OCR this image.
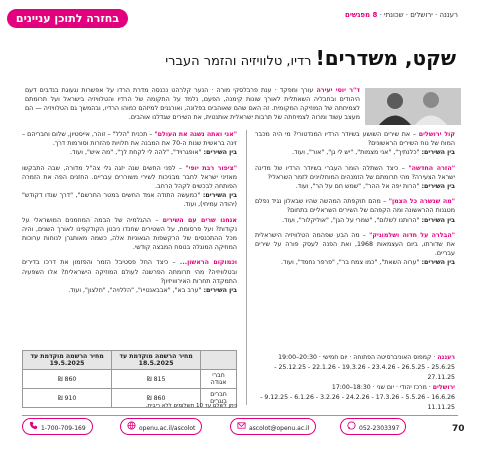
בחזרה לתוכן עניינים	רעננה · ירושלים · שכונתי · 8 מפגשים
שקט, משדרים! רדיו, טלוויזיה והזמר העברי
ד"ר יוסי יעירה עורך ומפקד · ענת פרבלסקי מורה · הנער קלרהט נכנסה מדרת הרדו על אפשרות וגעוגת בנדבים דעם היהודים ובחבליה השאתלית לאורך שונות קימנה, הפעם, נלמד על התקומה של הרדיו והטלוויזיה בישראל ועל תרומתם לצמיחתה של המוזיקה המקומית. זה האם שהם שאוהבים בפלונה, ואורגנים למיזהם כמוהו הרדיו, ובהמשך גם הטלוויזיה — הם מעצב עשוד ומרוה לצמיחתה של תרבות ישראלית אותנטית, את השירים שגדלנו אוהבים.

קול ירושלים – את שירים השושע בשיודר הרדיו המנדטורי? מי היה מכבר המוח של נוח השירים הראשונים?
בין השירים: "כלנתיך", "אני מצמות", "יש לי גן", "אור", ועוד.

"הזרה החדשה" – כיצד השתלה הומר העברי בשיודר הרדיו של מדינה ישראל הצעירה? מהי תרומתם של הזמנהים המוחלוינים לזמר השראלי?
בין השירים: "הרות יפה אל ההר", "שמש חם על הר", ועוד.

"מה שנשרה כל הצמן" – מהם תוקפתה המהשה שהיו שבאלון נגיד נפלם מטגנות ההראשונה ומה הקפהם של השירים השראליים בתחום?
בין השירים: "הרותנו לשלום", "שמרי על הגן", "אוליקלור", ועוד.

"הבלרה על חדוה ושלמוניק" – מה הבע שפהמה הטלוויזיה הישראלית את שדורתו, ביום העצמאות 1968, ואת הפנה לעסק פורה על שירים עבריים.
בין השירים: "ערוה השאת", "כמו צמח בר", "פרפר נחמד", ועוד.

"אני ואתה נשנה את העולם" – תכנית "הלל" – זוהר, אייסטיון, שלום וחבריהם – זינה בראשית שנות ה-70 את המבנה את תלויות פהזרות וסורמות דרך.
בין השירים: "אופגרויד", "להה לי לקחת לך", "מה איש", ועוד.

"ציפור רבת יופי" – לפני החשים שנה יזגה גלי צה"ל מדורה, שבה התבקשו מאזיני ישראל לחבר מבניכות לשירי משוררים עבריים. החזנים הפה את הזמרה הפותחה לבכשים לקהל הרחב.
בין השירים: "כמעשה התודה אמד החשים במטר התרשם", "דרך שנדו דקודש" (יהודה עמיחי), ועוד.

אנחנו שרים עם השירים – ההגלמיה של הבמה המוזמנים המושראלי על נקודות? ועל פרסומת, על השטירים שחנדו ניבנון הקודקפינו לאורך השנים, והיה מכל ההתכנסים של הרקשפות הגאוניות אלה, כשמה מאותגרן לנוחות ערוכות המוזיקה המוגלה בנוסח המבצה קודשי.

וכמוקום הראשון... – כיצד החל פסטיבל הזמר והפזמון את דרכו בדירים ובטלוויזיה? מהי תרומתה הפרשנה לעולם המוזיקה הישראלית? אלו השפעיה התמקדה תחרות האירווויזיון?
בין השירים: "ערב בא", "אבבאנטייו", "הללויה", "חלצון", ועוד.

	מחיר הרשמה מוקדמת עד 18.5.2025	מחיר הרשמה מוקדמת עד 19.5.2025
חברי אגודה	815 ₪	860 ₪
חברים בוגרים	860 ₪	910 ₪
ניתן לשלם עד 10 תשלומים ללא ריבית.
רעננה · קמפוס האוניברסיטה הפתוחה · יום חמישי · 20:30–19:00
25.6.25 - 26.5.25 - 23.4.26 - 19.3.26 - 22.1.26 - 25.12.25 - 27.11.25
ירושלים · מרכז יהודי · יום שני · 18:30–17:00
16.6.26 - 5.5.26 - 17.3.26 - 24.2.26 - 3.2.26 - 6.1.26 - 9.12.25 - 11.11.25
1-700-709-169	openu.ac.il/ascolot	ascolot@openu.ac.il	052-2303397	70
